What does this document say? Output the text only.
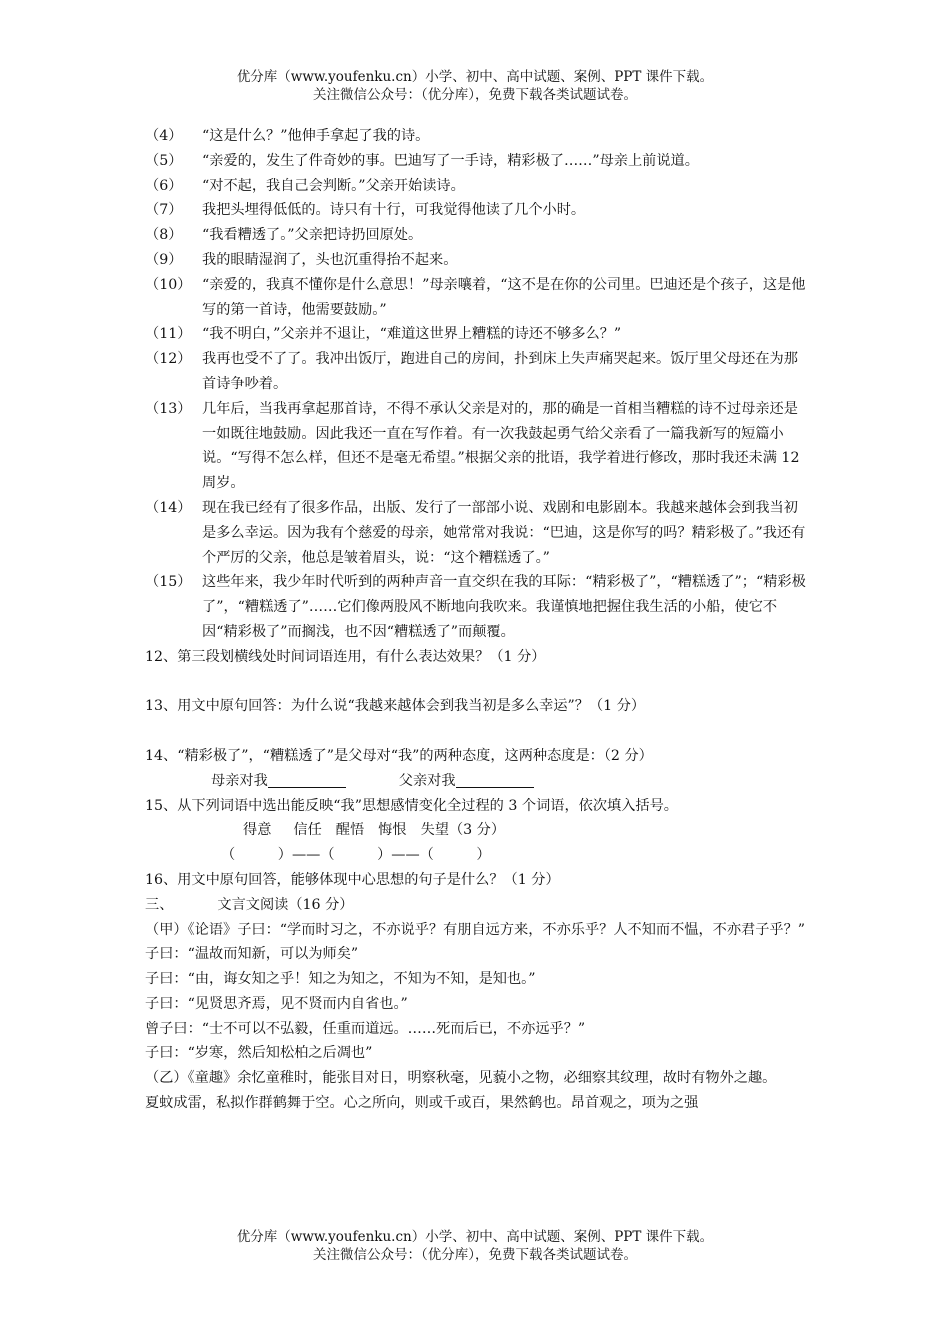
优分库（www.youfenku.cn）小学、初中、高中试题、案例、PPT 课件下载。
关注微信公众号：（优分库），免费下载各类试题试卷。
（4） “这是什么？”他伸手拿起了我的诗。
（5） “亲爱的，发生了件奇妙的事。巴迪写了一手诗，精彩极了……”母亲上前说道。
（6） “对不起，我自己会判断。”父亲开始读诗。
（7） 我把头埋得低低的。诗只有十行，可我觉得他读了几个小时。
（8） “我看糟透了。”父亲把诗扔回原处。
（9） 我的眼睛湿润了，头也沉重得抬不起来。
（10） “亲爱的，我真不懂你是什么意思！”母亲嚷着，“这不是在你的公司里。巴迪还是个孩子，这是他写的第一首诗，他需要鼓励。”
（11） “我不明白，”父亲并不退让，“难道这世界上糟糕的诗还不够多么？”
（12） 我再也受不了了。我冲出饭厅，跑进自己的房间，扑到床上失声痛哭起来。饭厅里父母还在为那首诗争吵着。
（13） 几年后，当我再拿起那首诗，不得不承认父亲是对的，那的确是一首相当糟糕的诗不过母亲还是一如既往地鼓励。因此我还一直在写作着。有一次我鼓起勇气给父亲看了一篇我新写的短篇小说。“写得不怎么样，但还不是毫无希望。”根据父亲的批语，我学着进行修改，那时我还未满 12 周岁。
（14） 现在我已经有了很多作品，出版、发行了一部部小说、戏剧和电影剧本。我越来越体会到我当初是多么幸运。因为我有个慈爱的母亲，她常常对我说：“巴迪，这是你写的吗？精彩极了。”我还有个严厉的父亲，他总是皱着眉头，说：“这个糟糕透了。”
（15） 这些年来，我少年时代听到的两种声音一直交织在我的耳际：“精彩极了”，“糟糕透了”；“精彩极了”，“糟糕透了”……它们像两股风不断地向我吹来。我谨慎地把握住我生活的小船，使它不因“精彩极了”而搁浅，也不因“糟糕透了”而颠覆。
12、第三段划横线处时间词语连用，有什么表达效果？（1 分）
13、用文中原句回答：为什么说“我越来越体会到我当初是多么幸运”？（1 分）
14、“精彩极了”，“糟糕透了”是父母对“我”的两种态度，这两种态度是：（2 分）
母亲对我	父亲对我
15、从下列词语中选出能反映“我”思想感情变化全过程的 3 个词语，依次填入括号。
得意 信任 醒悟 悔恨 失望（3 分）
（　　　）——（　　　）——（　　　）
16、用文中原句回答，能够体现中心思想的句子是什么？（1 分）
三、	文言文阅读（16 分）
（甲）《论语》子曰：“学而时习之，不亦说乎？有朋自远方来，不亦乐乎？人不知而不愠，不亦君子乎？”
子曰：“温故而知新，可以为师矣”
子曰：“由，诲女知之乎！知之为知之，不知为不知，是知也。”
子曰：“见贤思齐焉，见不贤而内自省也。”
曾子曰：“士不可以不弘毅，任重而道远。……死而后已，不亦远乎？”
子曰：“岁寒，然后知松柏之后凋也”
（乙）《童趣》余忆童稚时，能张目对日，明察秋毫，见藐小之物，必细察其纹理，故时有物外之趣。
夏蚊成雷，私拟作群鹤舞于空。心之所向，则或千或百，果然鹤也。昂首观之，项为之强
优分库（www.youfenku.cn）小学、初中、高中试题、案例、PPT 课件下载。
关注微信公众号：（优分库），免费下载各类试题试卷。
